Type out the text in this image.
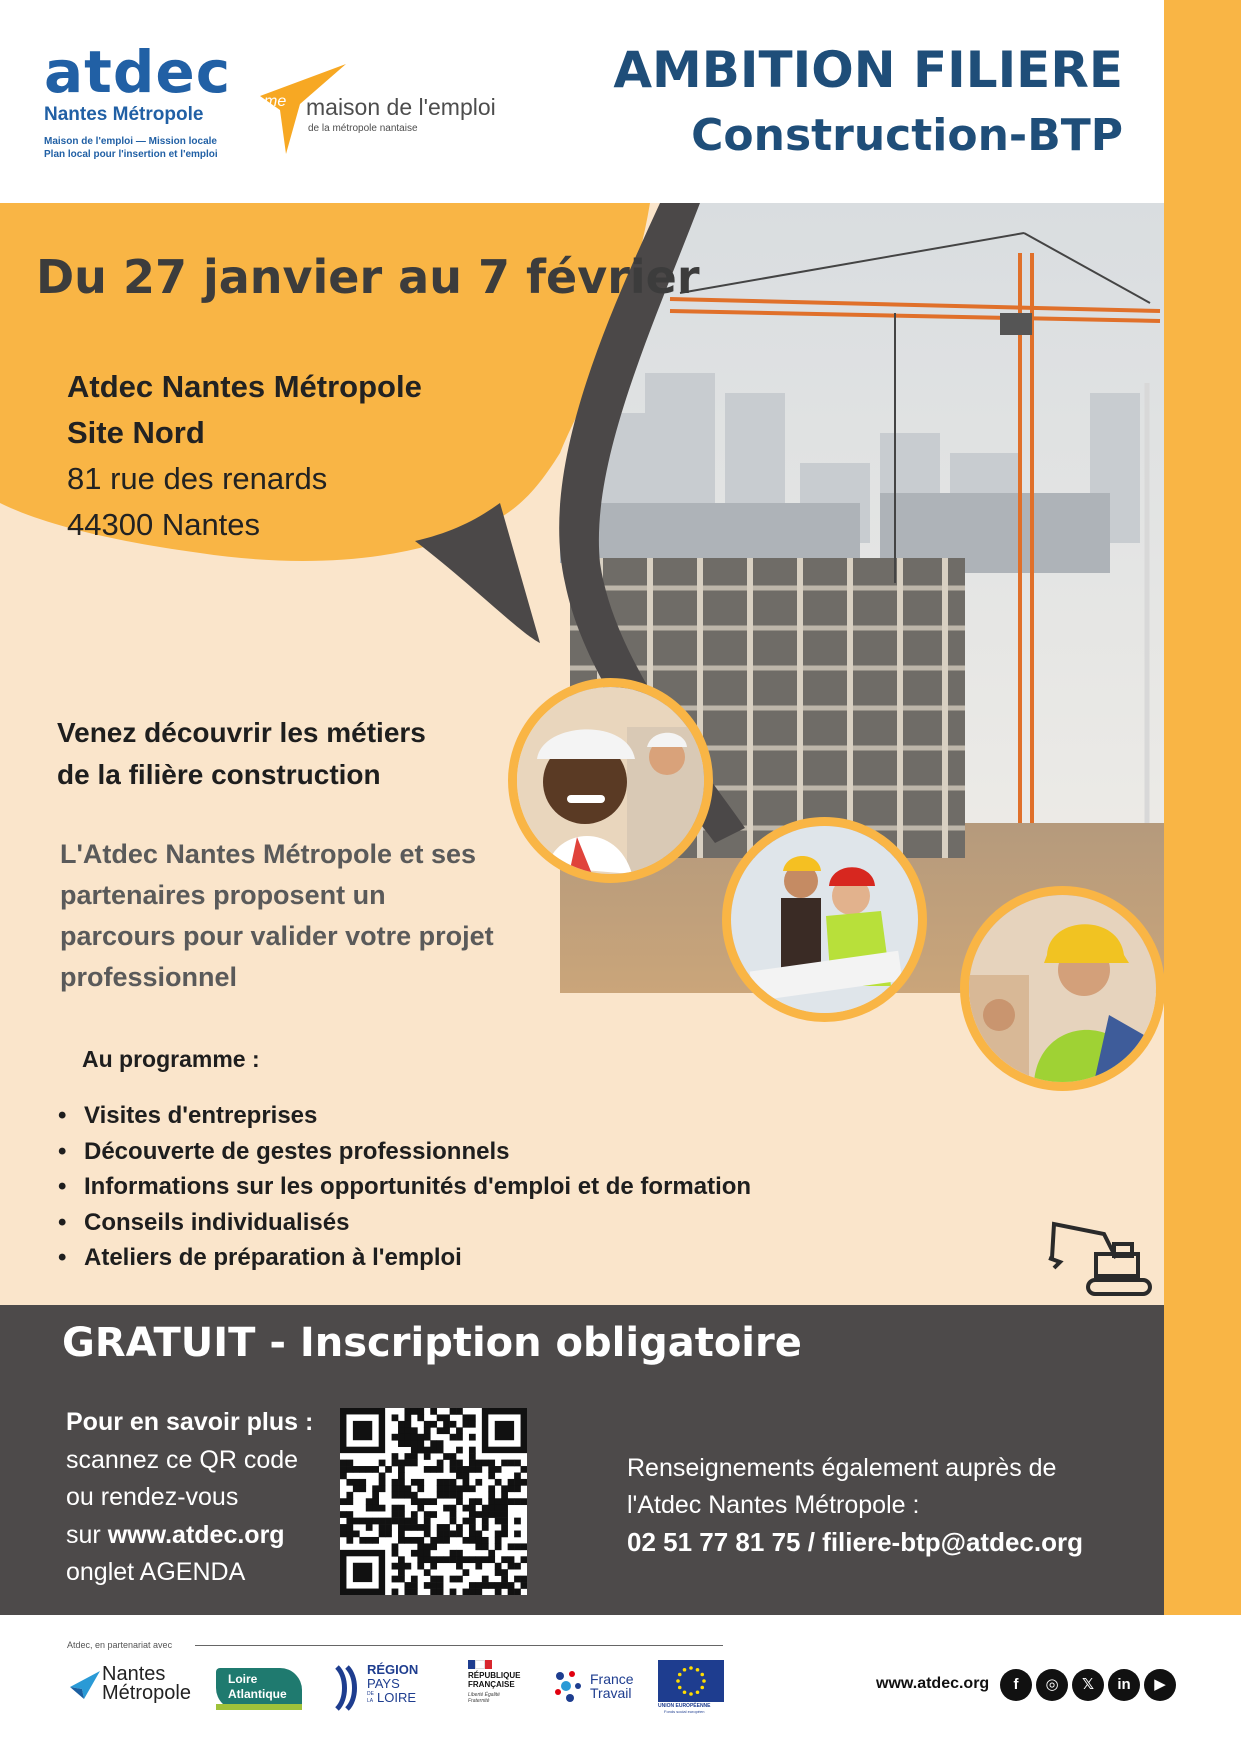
atdec
Nantes Métropole
Maison de l'emploi — Mission locale
Plan local pour l'insertion et l'emploi
me maison de l'emploi
de la métropole nantaise
AMBITION FILIERE
Construction-BTP
Du 27 janvier au 7 février
Atdec Nantes Métropole
Site Nord
81 rue des renards
44300 Nantes
Venez découvrir les métiers
de la filière construction
L'Atdec Nantes Métropole et ses
partenaires proposent un
parcours pour valider votre projet
professionnel
Au programme :
• Visites d'entreprises
• Découverte de gestes professionnels
• Informations sur les opportunités d'emploi et de formation
• Conseils individualisés
• Ateliers de préparation à l'emploi
GRATUIT - Inscription obligatoire
Pour en savoir plus :
scannez ce QR code
ou rendez-vous
sur www.atdec.org
onglet AGENDA
Renseignements également auprès de
l'Atdec Nantes Métropole :
02 51 77 81 75 / filiere-btp@atdec.org
Atdec, en partenariat avec
Nantes
Métropole
Loire
Atlantique
RÉGION
PAYS
DE LA LOIRE
RÉPUBLIQUE
FRANÇAISE
Liberté Égalité Fraternité
France
Travail
UNION EUROPÉENNE
Fonds social européen
www.atdec.org	f	◎	𝕏	in	▶
